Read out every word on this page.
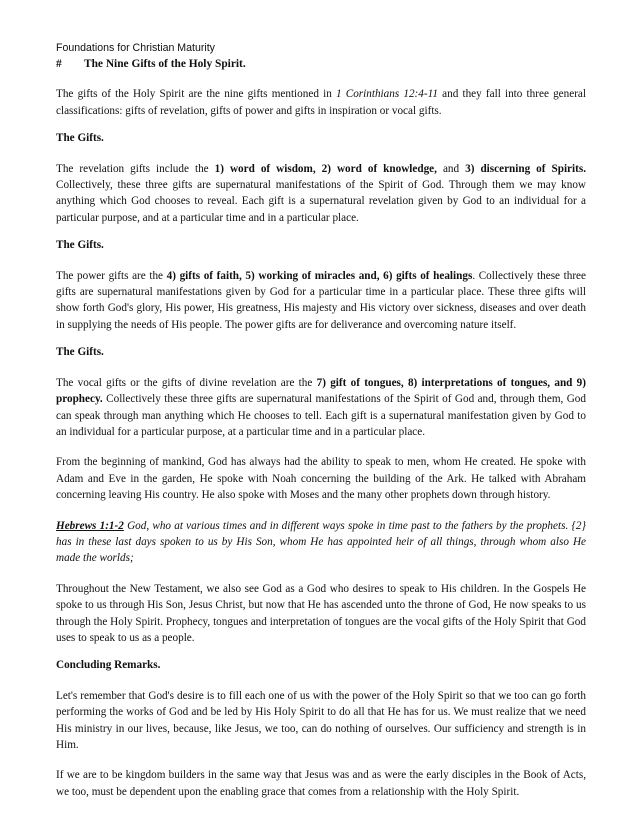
Foundations for Christian Maturity
#	The Nine Gifts of the Holy Spirit.

The gifts of the Holy Spirit are the nine gifts mentioned in 1 Corinthians 12:4-11 and they fall into three general classifications: gifts of revelation, gifts of power and gifts in inspiration or vocal gifts.

The Gifts.

The revelation gifts include the 1) word of wisdom, 2) word of knowledge, and 3) discerning of Spirits. Collectively, these three gifts are supernatural manifestations of the Spirit of God. Through them we may know anything which God chooses to reveal. Each gift is a supernatural revelation given by God to an individual for a particular purpose, and at a particular time and in a particular place.

The Gifts.

The power gifts are the 4) gifts of faith, 5) working of miracles and, 6) gifts of healings. Collectively these three gifts are supernatural manifestations given by God for a particular time in a particular place. These three gifts will show forth God's glory, His power, His greatness, His majesty and His victory over sickness, diseases and over death in supplying the needs of His people. The power gifts are for deliverance and overcoming nature itself.

The Gifts.

The vocal gifts or the gifts of divine revelation are the 7) gift of tongues, 8) interpretations of tongues, and 9) prophecy. Collectively these three gifts are supernatural manifestations of the Spirit of God and, through them, God can speak through man anything which He chooses to tell. Each gift is a supernatural manifestation given by God to an individual for a particular purpose, at a particular time and in a particular place.

From the beginning of mankind, God has always had the ability to speak to men, whom He created. He spoke with Adam and Eve in the garden, He spoke with Noah concerning the building of the Ark. He talked with Abraham concerning leaving His country. He also spoke with Moses and the many other prophets down through history.

Hebrews 1:1-2 God, who at various times and in different ways spoke in time past to the fathers by the prophets. {2} has in these last days spoken to us by His Son, whom He has appointed heir of all things, through whom also He made the worlds;

Throughout the New Testament, we also see God as a God who desires to speak to His children. In the Gospels He spoke to us through His Son, Jesus Christ, but now that He has ascended unto the throne of God, He now speaks to us through the Holy Spirit. Prophecy, tongues and interpretation of tongues are the vocal gifts of the Holy Spirit that God uses to speak to us as a people.

Concluding Remarks.

Let's remember that God's desire is to fill each one of us with the power of the Holy Spirit so that we too can go forth performing the works of God and be led by His Holy Spirit to do all that He has for us. We must realize that we need His ministry in our lives, because, like Jesus, we too, can do nothing of ourselves. Our sufficiency and strength is in Him.

If we are to be kingdom builders in the same way that Jesus was and as were the early disciples in the Book of Acts, we too, must be dependent upon the enabling grace that comes from a relationship with the Holy Spirit.
